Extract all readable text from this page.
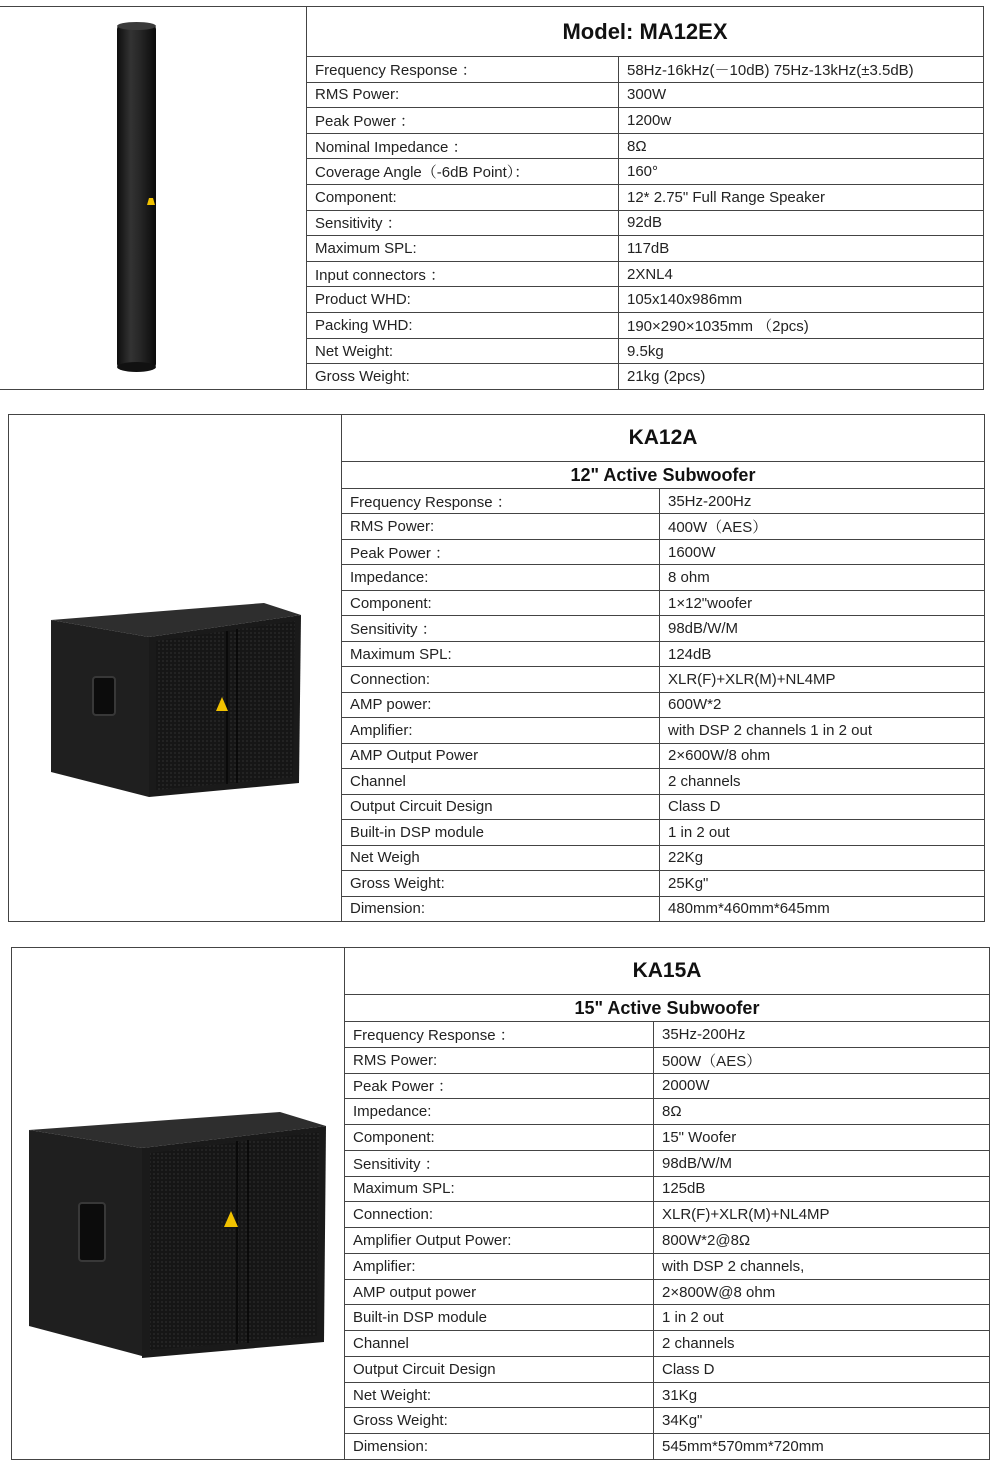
Model: MA12EX
Frequency Response ：	58Hz-16kHz(－10dB) 75Hz-13kHz(±3.5dB)
RMS Power:	300W
Peak Power ：	1200w
Nominal Impedance ：	8Ω
Coverage Angle（-6dB Point）：	160°
Component:	12* 2.75" Full Range Speaker
Sensitivity ：	92dB
Maximum SPL:	117dB
Input connectors ：	2XNL4
Product WHD:	105x140x986mm
Packing WHD:	190×290×1035mm （2pcs)
Net Weight:	9.5kg
Gross Weight:	21kg (2pcs)
KA12A
12" Active Subwoofer
Frequency Response ：	35Hz-200Hz
RMS Power:	400W（AES）
Peak Power ：	1600W
Impedance:	8 ohm
Component:	1×12"woofer
Sensitivity ：	98dB/W/M
Maximum SPL:	124dB
Connection:	XLR(F)+XLR(M)+NL4MP
AMP power:	600W*2
Amplifier:	with DSP 2 channels 1 in 2 out
AMP Output Power	2×600W/8 ohm
Channel	2 channels
Output Circuit Design	Class D
Built-in DSP module	1 in 2 out
Net Weigh	22Kg
Gross Weight:	25Kg"
Dimension:	480mm*460mm*645mm
KA15A
15" Active Subwoofer
Frequency Response ：	35Hz-200Hz
RMS Power:	500W（AES）
Peak Power ：	2000W
Impedance:	8Ω
Component:	15" Woofer
Sensitivity ：	98dB/W/M
Maximum SPL:	125dB
Connection:	XLR(F)+XLR(M)+NL4MP
Amplifier Output Power:	800W*2@8Ω
Amplifier:	with DSP 2 channels,
AMP output power	2×800W@8 ohm
Built-in DSP module	1 in 2 out
Channel	2 channels
Output Circuit Design	Class D
Net Weight:	31Kg
Gross Weight:	34Kg"
Dimension:	545mm*570mm*720mm
